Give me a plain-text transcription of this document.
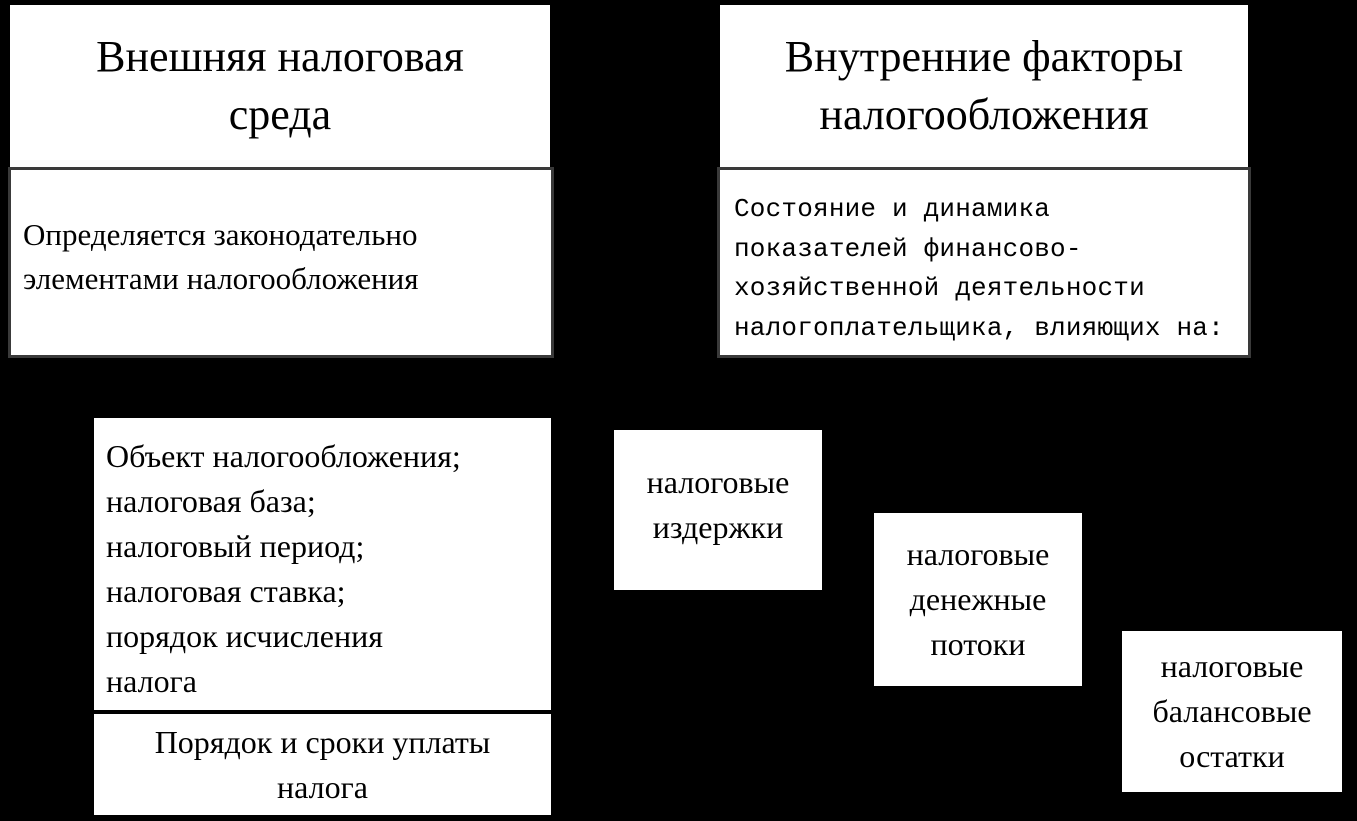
Внешняя налоговая
среда
Определяется законодательно
элементами налогообложения
Внутренние факторы
налогообложения
Состояние и динамика
показателей финансово-
хозяйственной деятельности
налогоплательщика, влияющих на:
Объект налогообложения;
налоговая база;
налоговый период;
налоговая ставка;
порядок исчисления
налога
Порядок и сроки уплаты
налога
налоговые
издержки
налоговые
денежные
потоки
налоговые
балансовые
остатки
